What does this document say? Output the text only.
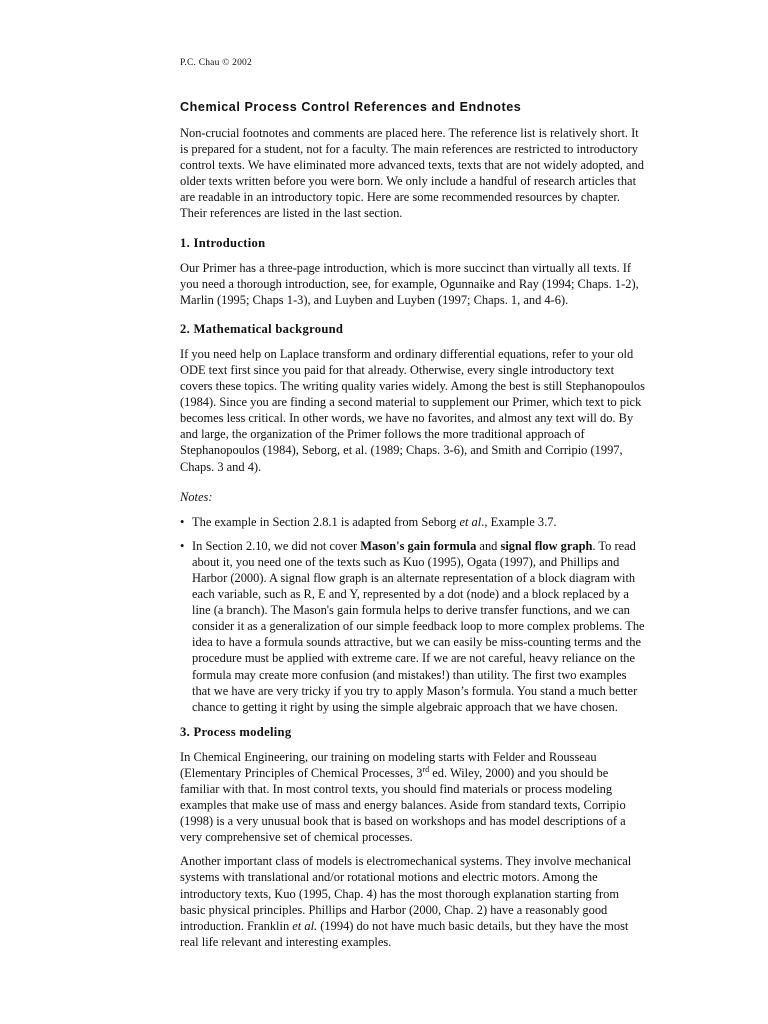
P.C. Chau © 2002
Chemical Process Control References and Endnotes

Non-crucial footnotes and comments are placed here. The reference list is relatively short. It is prepared for a student, not for a faculty. The main references are restricted to introductory control texts. We have eliminated more advanced texts, texts that are not widely adopted, and older texts written before you were born. We only include a handful of research articles that are readable in an introductory topic. Here are some recommended resources by chapter. Their references are listed in the last section.

1. Introduction

Our Primer has a three-page introduction, which is more succinct than virtually all texts. If you need a thorough introduction, see, for example, Ogunnaike and Ray (1994; Chaps. 1-2), Marlin (1995; Chaps 1-3), and Luyben and Luyben (1997; Chaps. 1, and 4-6).

2. Mathematical background

If you need help on Laplace transform and ordinary differential equations, refer to your old ODE text first since you paid for that already. Otherwise, every single introductory text covers these topics. The writing quality varies widely. Among the best is still Stephanopoulos (1984). Since you are finding a second material to supplement our Primer, which text to pick becomes less critical. In other words, we have no favorites, and almost any text will do. By and large, the organization of the Primer follows the more traditional approach of Stephanopoulos (1984), Seborg, et al. (1989; Chaps. 3-6), and Smith and Corripio (1997, Chaps. 3 and 4).

Notes:

• The example in Section 2.8.1 is adapted from Seborg et al., Example 3.7.
• In Section 2.10, we did not cover Mason's gain formula and signal flow graph. To read about it, you need one of the texts such as Kuo (1995), Ogata (1997), and Phillips and Harbor (2000). A signal flow graph is an alternate representation of a block diagram with each variable, such as R, E and Y, represented by a dot (node) and a block replaced by a line (a branch). The Mason's gain formula helps to derive transfer functions, and we can consider it as a generalization of our simple feedback loop to more complex problems. The idea to have a formula sounds attractive, but we can easily be miss-counting terms and the procedure must be applied with extreme care. If we are not careful, heavy reliance on the formula may create more confusion (and mistakes!) than utility. The first two examples that we have are very tricky if you try to apply Mason’s formula. You stand a much better chance to getting it right by using the simple algebraic approach that we have chosen.
3. Process modeling

In Chemical Engineering, our training on modeling starts with Felder and Rousseau (Elementary Principles of Chemical Processes, 3rd ed. Wiley, 2000) and you should be familiar with that. In most control texts, you should find materials or process modeling examples that make use of mass and energy balances. Aside from standard texts, Corripio (1998) is a very unusual book that is based on workshops and has model descriptions of a very comprehensive set of chemical processes.

Another important class of models is electromechanical systems. They involve mechanical systems with translational and/or rotational motions and electric motors. Among the introductory texts, Kuo (1995, Chap. 4) has the most thorough explanation starting from basic physical principles. Phillips and Harbor (2000, Chap. 2) have a reasonably good introduction. Franklin et al. (1994) do not have much basic details, but they have the most real life relevant and interesting examples.
